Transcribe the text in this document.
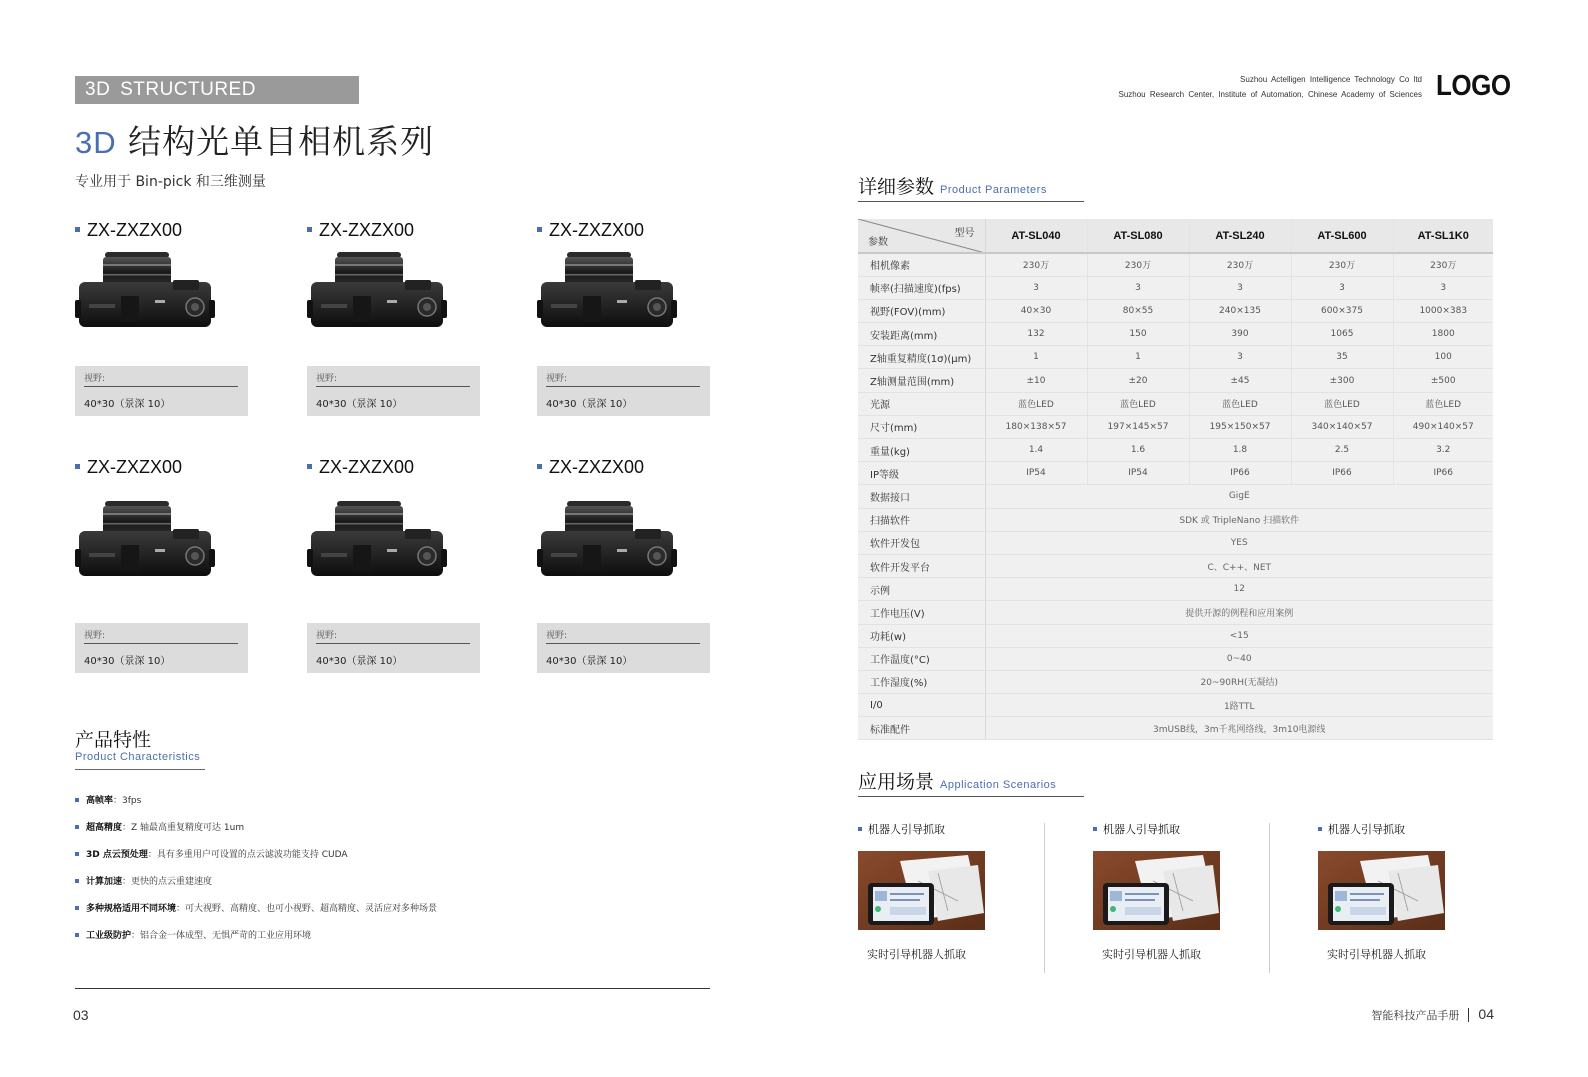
3D STRUCTURED CAMERAS
3D 结构光单目相机系列
专业用于 Bin-pick 和三维测量
ZX-ZXZX00
视野:
40*30（景深 10）
ZX-ZXZX00
视野:
40*30（景深 10）
ZX-ZXZX00
视野:
40*30（景深 10）
ZX-ZXZX00
视野:
40*30（景深 10）
ZX-ZXZX00
视野:
40*30（景深 10）
ZX-ZXZX00
视野:
40*30（景深 10）
产品特性
Product Characteristics
高帧率：3fps
超高精度：Z 轴最高重复精度可达 1um
3D 点云预处理：具有多重用户可设置的点云滤波功能支持 CUDA
计算加速：更快的点云重建速度
多种规格适用不同环境：可大视野、高精度、也可小视野、超高精度、灵活应对多种场景
工业级防护：铝合金一体成型、无惧严苛的工业应用环境
03
Suzhou Actelligen Intelligence Technology Co ltd
Suzhou Research Center, Institute of Automation, Chinese Academy of Sciences LOGO
详细参数 Product Parameters
型号
参数	AT-SL040	AT-SL080	AT-SL240	AT-SL600	AT-SL1K0
相机像素	230万	230万	230万	230万	230万
帧率(扫描速度)(fps)	3	3	3	3	3
视野(FOV)(mm)	40×30	80×55	240×135	600×375	1000×383
安装距离(mm)	132	150	390	1065	1800
Z轴重复精度(1σ)(μm)	1	1	3	35	100
Z轴测量范围(mm)	±10	±20	±45	±300	±500
光源	蓝色LED	蓝色LED	蓝色LED	蓝色LED	蓝色LED
尺寸(mm)	180×138×57	197×145×57	195×150×57	340×140×57	490×140×57
重量(kg)	1.4	1.6	1.8	2.5	3.2
IP等级	IP54	IP54	IP66	IP66	IP66
数据接口	GigE				
扫描软件	SDK 或 TripleNano 扫描软件				
软件开发包	YES				
软件开发平台	C、C++、NET				
示例	12				
工作电压(V)	提供开源的例程和应用案例				
功耗(w)	<15				
工作温度(°C)	0~40				
工作湿度(%)	20~90RH(无凝结)				
I/0	1路TTL				
标准配件	3mUSB线，3m千兆网络线，3m10电源线				
应用场景 Application Scenarios
机器人引导抓取
实时引导机器人抓取
机器人引导抓取
实时引导机器人抓取
机器人引导抓取
实时引导机器人抓取
智能科技产品手册 04
